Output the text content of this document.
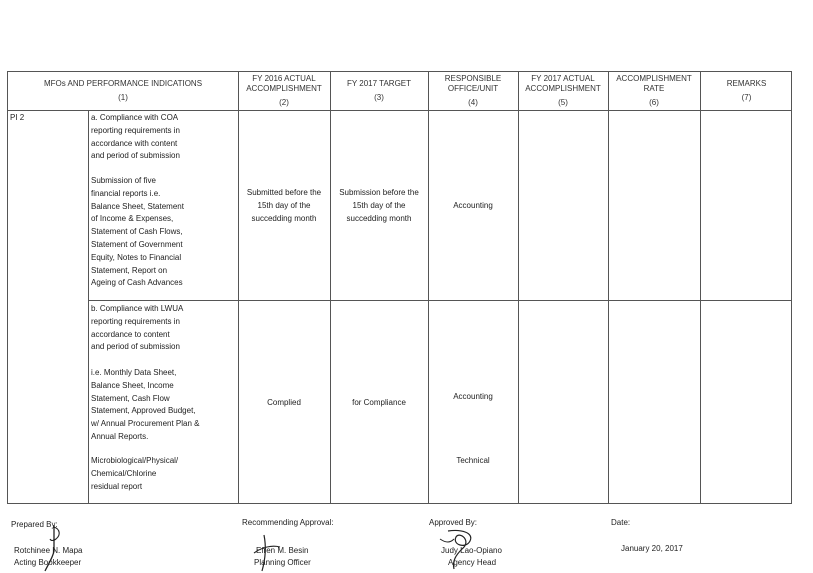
MFOs AND PERFORMANCE INDICATIONS
(1)
FY 2016 ACTUAL ACCOMPLISHMENT
(2)
FY 2017 TARGET
(3)
RESPONSIBLE OFFICE/UNIT
(4)
FY 2017 ACTUAL ACCOMPLISHMENT
(5)
ACCOMPLISHMENT RATE
(6)
REMARKS
(7)
PI 2	a. Compliance with COA
reporting requirements in
accordance with content
and period of submission
Submission of five
financial reports i.e.
Balance Sheet, Statement
of Income & Expenses,
Statement of Cash Flows,
Statement of Government
Equity, Notes to Financial
Statement, Report on
Ageing of Cash Advances
Submitted before the
15th day of the
succedding month
Submission before the
15th day of the
succedding month
Accounting
b. Compliance with LWUA
reporting requirements in
accordance to content
and period of submission
i.e. Monthly Data Sheet,
Balance Sheet, Income
Statement, Cash Flow
Statement, Approved Budget,
w/ Annual Procurement Plan &
Annual Reports.
Complied	for Compliance
Accounting
Microbiological/Physical/
Chemical/Chlorine
residual report
Technical
Prepared By:
Rotchinee N. Mapa
Acting Bookkeeper
Recommending Approval:
Efren M. Besin
Planning Officer
Approved By:
Judy Lao-Opiano
Agency Head
Date:
January 20, 2017
